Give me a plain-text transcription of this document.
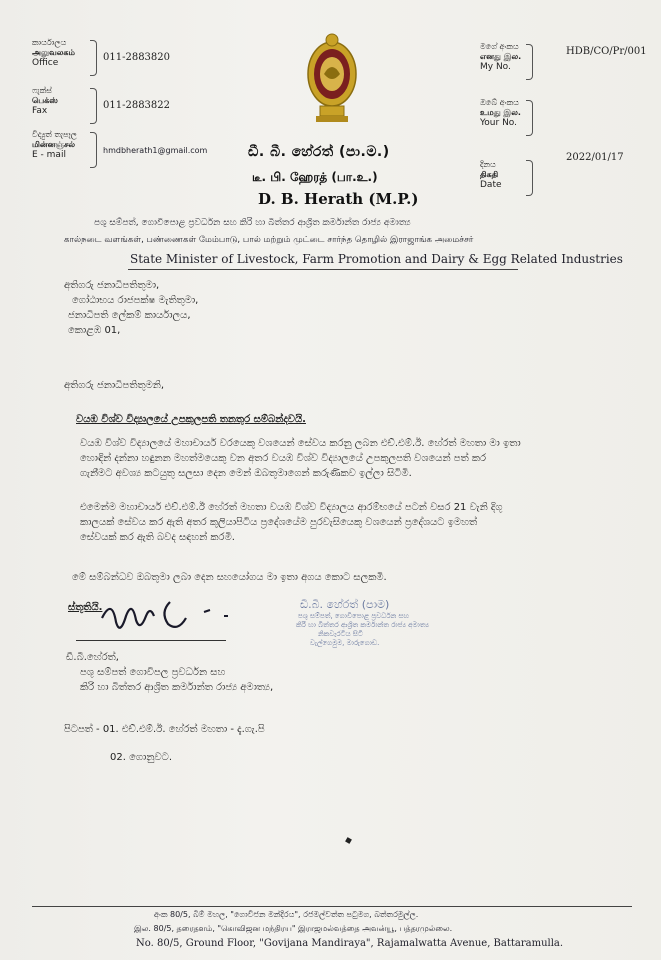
කාර්යාලය
அலுவலகம்
Office	011-2883820
ෆැක්ස්
பெக்ஸ்
Fax	011-2883822
විද්‍යුත් තැපෑල
மின்னஞ்சல்
E - mail	hmdbherath1@gmail.com
මගේ අංකය
எனது இல.
My No.
HDB/CO/Pr/001
ඔබේ අංකය
உமது இல.
Your No.
දිනය
திகதி
Date
2022/01/17
ඩී. බී. හේරත් (පා.ම.)
டீ. பி. ஹேரத் (பா.உ.)
D. B. Herath (M.P.)
පශු සම්පත්, ගොවිපොළ ප්‍රවර්ධන සහ කිරි හා බිත්තර ආශ්‍රිත කර්මාන්ත රාජ්‍ය අමාත්‍ය
கால்நடை வளங்கள், பண்ணைகள் மேம்பாடு, பால் மற்றும் முட்டை சார்ந்த தொழில் இராஜாங்க அமைச்சர்
State Minister of Livestock, Farm Promotion and Dairy & Egg Related Industries
අතිගරු ජනාධිපතිතුමා,
ගෝඨාභය රාජපක්ෂ මැතිතුමා,
ජනාධිපති ලේකම් කාර්යාලය,
කොළඹ 01,
අතිගරු ජනාධිපතිතුමනි,
වයඹ විශ්ව විද්‍යාලයේ උපකුලපති තනතුර සම්බන්දවයි.
වයඹ විශ්ව විද්‍යාලයේ මහාචාර්ය වරයෙකු වශයෙන් සේවය කරනු ලබන එච්.එම්.ඊ. හේරත් මහතා මා ඉතා
හොඳින් දන්නා හඳුනන මහත්මයෙකු වන අතර වයඹ විශ්ව විද්‍යාලයේ උපකුලපති වශයෙන් පත් කර
ගැනීමට අවශ්‍ය කටයුතු සලසා දෙන මෙන් ඔබතුමාගෙන් කරුණිකව ඉල්ලා සිටිමි.
එමෙන්ම මහාචාර්ය එච්.එම්.ඊ හේරත් මහතා වයඹ විශ්ව විද්‍යාලය ආරම්භයේ පටන් වසර 21 වැනි දිගු
කාලයක් සේවය කර ඇති අතර කුලියාපිටිය ප්‍රදේශයේම පුරවැසියෙකු වශයෙන් ප්‍රදේශයට ඉමහත්
සේවයක් කර ඇති බවද සඳහන් කරමි.
මේ සම්බන්ධව ඔබතුමා ලබා දෙන සහයෝගය මා ඉතා අගය කොට සලකමි.
ස්තූතියි.	ඩී.බී. හේරත් (පාම)
පශු සම්පත්, ගොවිපොළ ප්‍රවර්ධන සහ
කිරි හා බිත්තර ආශ්‍රිත කර්මාන්ත රාජ්‍ය අමාත්‍ය
නිකවැරටිය සිටි
වැල්ගෙමුම, මාරුගොඩ.
ඩී.බී.හේරත්,
පශු සම්පත් ගොවිපල ප්‍රවර්ධන සහ
කිරි හා බිත්තර ආශ්‍රිත කර්මාන්ත රාජ්‍ය අමාත්‍ය,
පිටපත් - 01. එච්.එම්.ඊ. හේරත් මහතා - දැ.ගැ.පි
02. ගොනුවට.
අංක 80/5, බිම් මහල, "ගොවිජන මන්දිරය", රජමල්වත්ත පටුමග, බත්තරමුල්ල.
இல. 80/5, தரைதளம், "கொவிஜன மந்திரய" இராஜமல்வத்தை அவன்யூ, பத்தரமுல்லை.
No. 80/5, Ground Floor, "Govijana Mandiraya", Rajamalwatta Avenue, Battaramulla.
